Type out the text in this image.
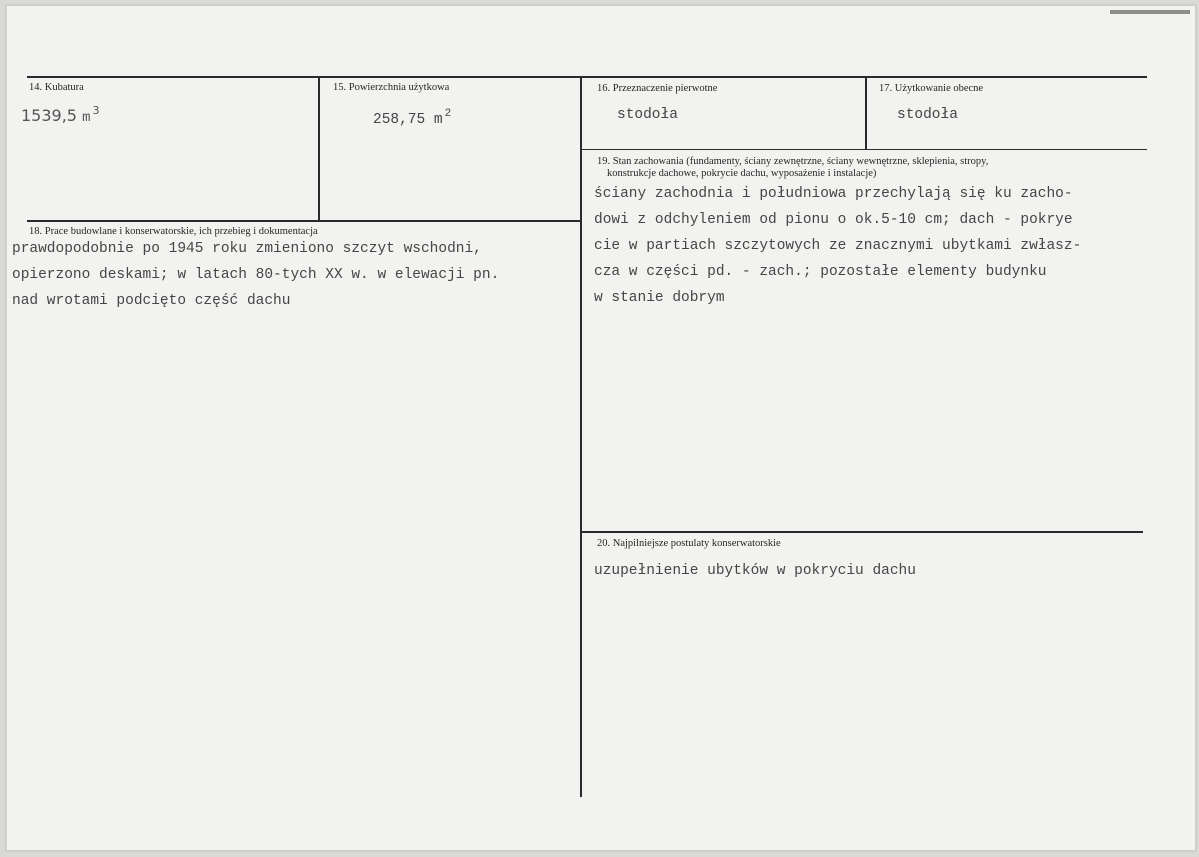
14. Kubatura
1539,5 m $^3$
15. Powierzchnia użytkowa
258,75 m $^2$
16. Przeznaczenie pierwotne
stodoła
17. Użytkowanie obecne
stodoła
19. Stan zachowania (fundamenty, ściany zewnętrzne, ściany wewnętrzne, sklepienia, stropy,
konstrukcje dachowe, pokrycie dachu, wyposażenie i instalacje)
ściany zachodnia i południowa przechylają się ku zacho-
dowi z odchyleniem od pionu o ok.5-10 cm; dach - pokrye
cie w partiach szczytowych ze znacznymi ubytkami zwłasz-
cza w części pd. - zach.; pozostałe elementy budynku
w stanie dobrym
18. Prace budowlane i konserwatorskie, ich przebieg i dokumentacja
prawdopodobnie po 1945 roku zmieniono szczyt wschodni,
opierzono deskami; w latach 80-tych XX w. w elewacji pn.
nad wrotami podcięto część dachu
20. Najpilniejsze postulaty konserwatorskie
uzupełnienie ubytków w pokryciu dachu
